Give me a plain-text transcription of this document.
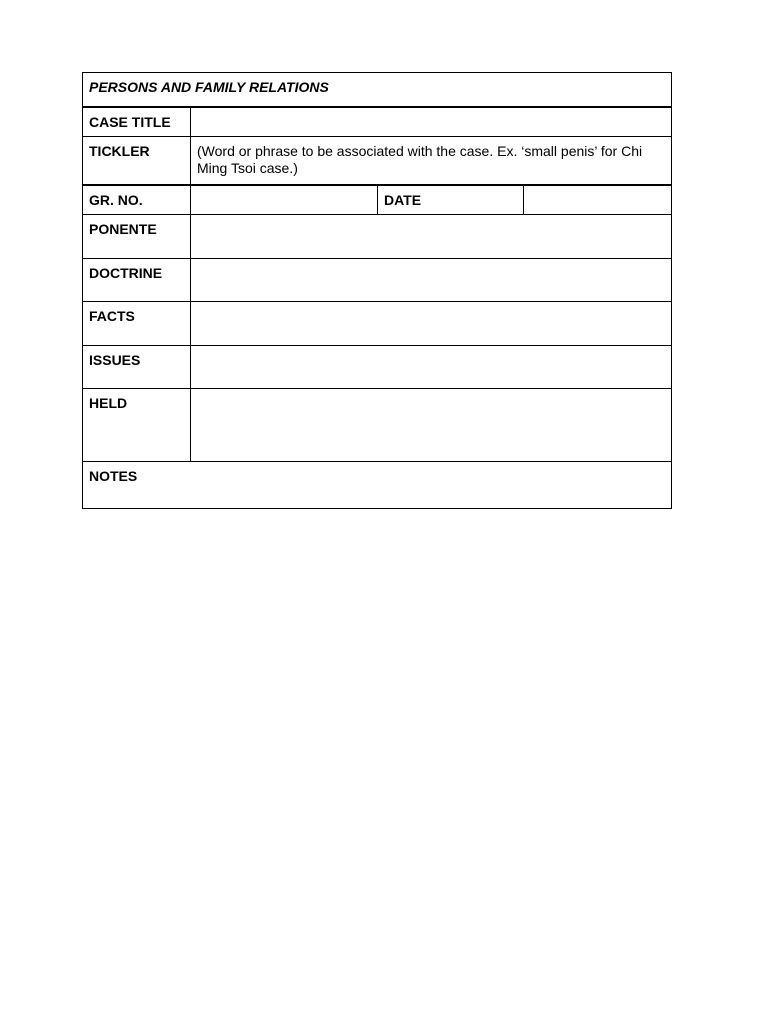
PERSONS AND FAMILY RELATIONS			
CASE TITLE			
TICKLER	(Word or phrase to be associated with the case. Ex. ‘small penis’ for Chi Ming Tsoi case.)		
GR. NO.		DATE	
PONENTE			
DOCTRINE			
FACTS			
ISSUES			
HELD			

NOTES			
